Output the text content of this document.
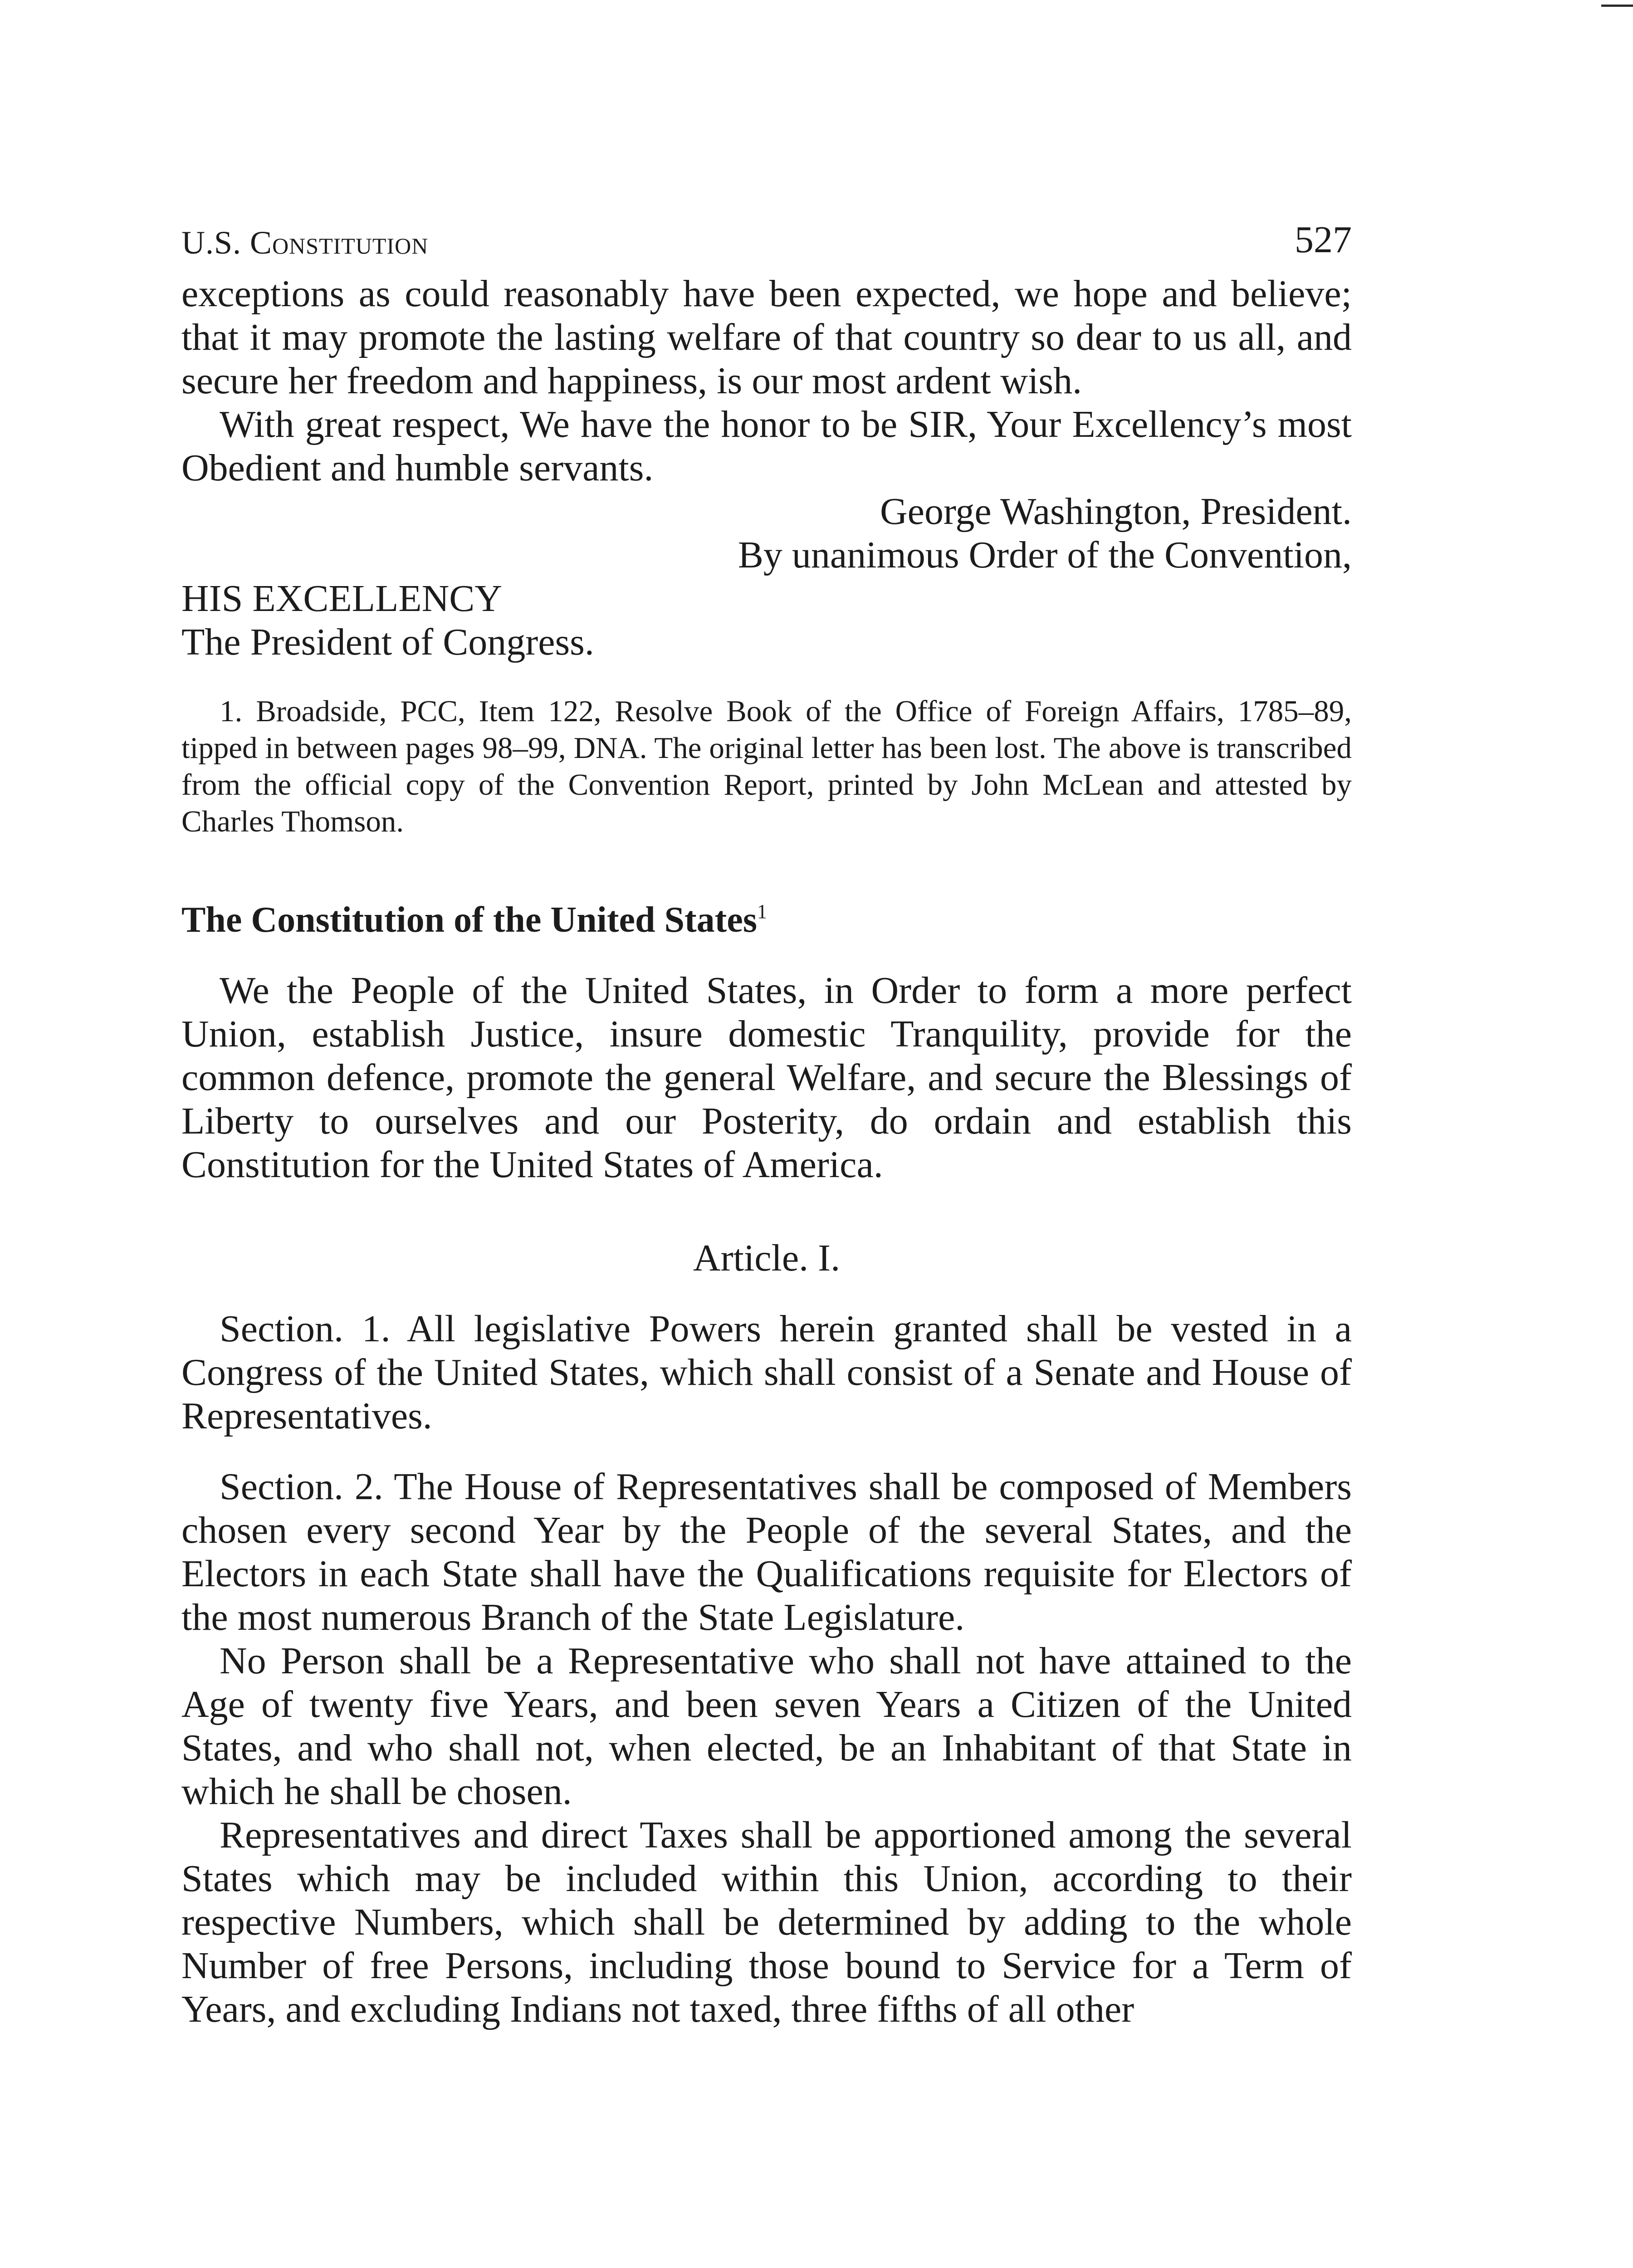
U.S. Constitution	527

exceptions as could reasonably have been expected, we hope and believe; that it may promote the lasting welfare of that country so dear to us all, and secure her freedom and happiness, is our most ardent wish.

With great respect, We have the honor to be SIR, Your Excellency’s most Obedient and humble servants.

George Washington, President.

By unanimous Order of the Convention,

HIS EXCELLENCY

The President of Congress.

1. Broadside, PCC, Item 122, Resolve Book of the Office of Foreign Affairs, 1785–89, tipped in between pages 98–99, DNA. The original letter has been lost. The above is transcribed from the official copy of the Convention Report, printed by John McLean and attested by Charles Thomson.

The Constitution of the United States$^1$

We the People of the United States, in Order to form a more perfect Union, establish Justice, insure domestic Tranquility, provide for the common defence, promote the general Welfare, and secure the Blessings of Liberty to ourselves and our Posterity, do ordain and establish this Constitution for the United States of America.

Article. I.

Section. 1. All legislative Powers herein granted shall be vested in a Congress of the United States, which shall consist of a Senate and House of Representatives.

Section. 2. The House of Representatives shall be composed of Members chosen every second Year by the People of the several States, and the Electors in each State shall have the Qualifications requisite for Electors of the most numerous Branch of the State Legislature.

No Person shall be a Representative who shall not have attained to the Age of twenty five Years, and been seven Years a Citizen of the United States, and who shall not, when elected, be an Inhabitant of that State in which he shall be chosen.

Representatives and direct Taxes shall be apportioned among the several States which may be included within this Union, according to their respective Numbers, which shall be determined by adding to the whole Number of free Persons, including those bound to Service for a Term of Years, and excluding Indians not taxed, three fifths of all other
